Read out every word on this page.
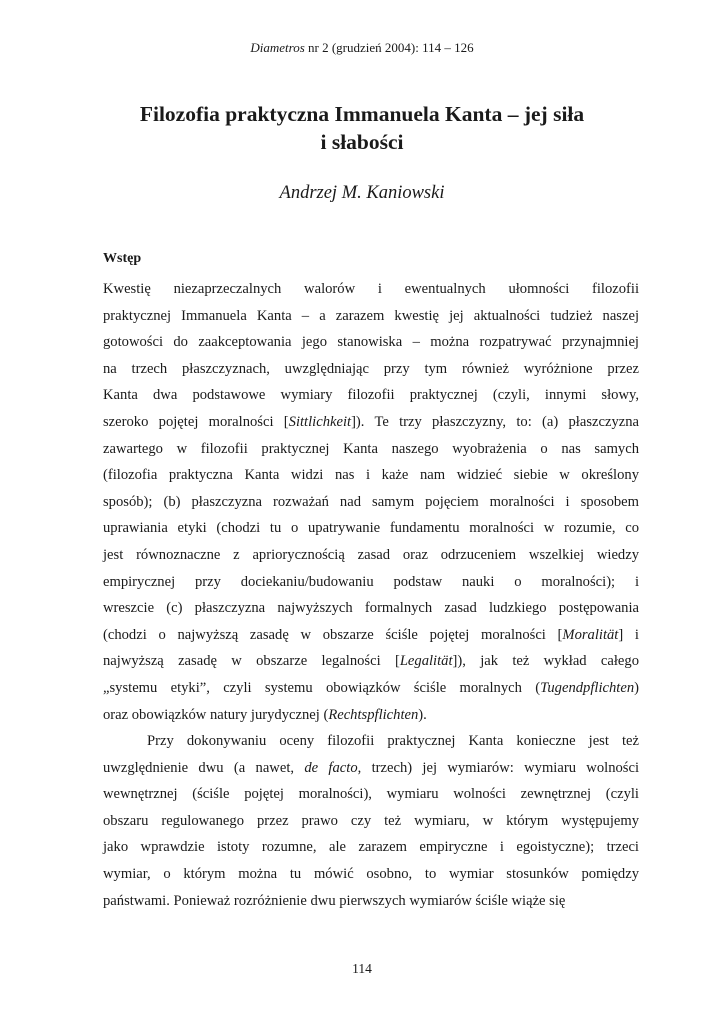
Diametros nr 2 (grudzień 2004): 114 – 126
Filozofia praktyczna Immanuela Kanta – jej siła
i słabości
Andrzej M. Kaniowski
Wstęp
Kwestię niezaprzeczalnych walorów i ewentualnych ułomności filozofii
praktycznej Immanuela Kanta – a zarazem kwestię jej aktualności tudzież naszej
gotowości do zaakceptowania jego stanowiska – można rozpatrywać przynajmniej
na trzech płaszczyznach, uwzględniając przy tym również wyróżnione przez
Kanta dwa podstawowe wymiary filozofii praktycznej (czyli, innymi słowy,
szeroko pojętej moralności [Sittlichkeit]). Te trzy płaszczyzny, to: (a) płaszczyzna
zawartego w filozofii praktycznej Kanta naszego wyobrażenia o nas samych
(filozofia praktyczna Kanta widzi nas i każe nam widzieć siebie w określony
sposób); (b) płaszczyzna rozważań nad samym pojęciem moralności i sposobem
uprawiania etyki (chodzi tu o upatrywanie fundamentu moralności w rozumie, co
jest równoznaczne z apriorycznością zasad oraz odrzuceniem wszelkiej wiedzy
empirycznej przy dociekaniu/budowaniu podstaw nauki o moralności); i
wreszcie (c) płaszczyzna najwyższych formalnych zasad ludzkiego postępowania
(chodzi o najwyższą zasadę w obszarze ściśle pojętej moralności [Moralität] i
najwyższą zasadę w obszarze legalności [Legalität]), jak też wykład całego
„systemu etyki”, czyli systemu obowiązków ściśle moralnych (Tugendpflichten)
oraz obowiązków natury jurydycznej (Rechtspflichten).
Przy dokonywaniu oceny filozofii praktycznej Kanta konieczne jest też
uwzględnienie dwu (a nawet, de facto, trzech) jej wymiarów: wymiaru wolności
wewnętrznej (ściśle pojętej moralności), wymiaru wolności zewnętrznej (czyli
obszaru regulowanego przez prawo czy też wymiaru, w którym występujemy
jako wprawdzie istoty rozumne, ale zarazem empiryczne i egoistyczne); trzeci
wymiar, o którym można tu mówić osobno, to wymiar stosunków pomiędzy
państwami. Ponieważ rozróżnienie dwu pierwszych wymiarów ściśle wiąże się
114
